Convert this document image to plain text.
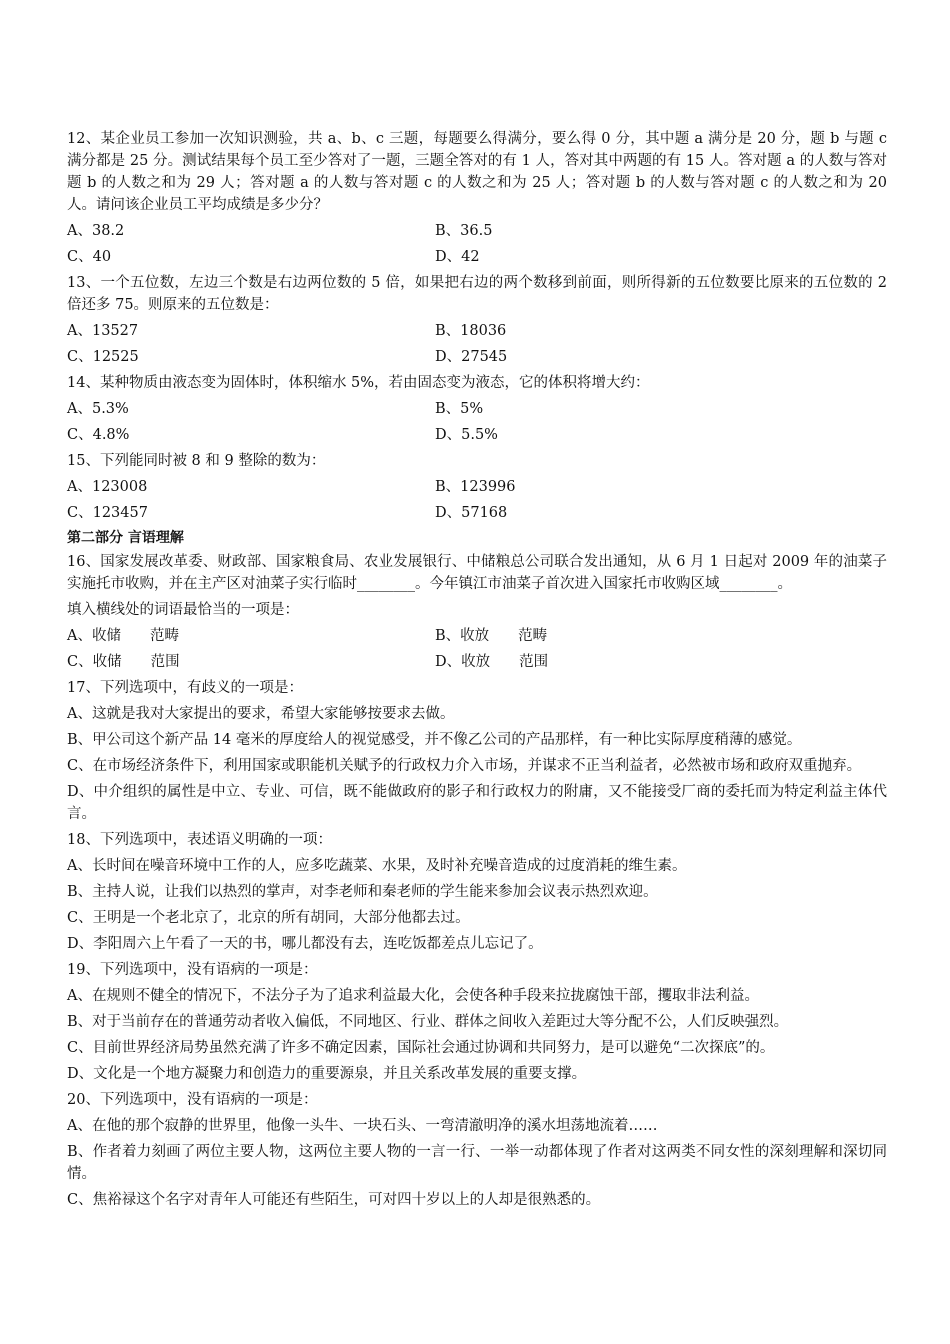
12、某企业员工参加一次知识测验，共 a、b、c 三题，每题要么得满分，要么得 0 分，其中题 a 满分是 20 分，题 b 与题 c 满分都是 25 分。测试结果每个员工至少答对了一题，三题全答对的有 1 人，答对其中两题的有 15 人。答对题 a 的人数与答对题 b 的人数之和为 29 人；答对题 a 的人数与答对题 c 的人数之和为 25 人；答对题 b 的人数与答对题 c 的人数之和为 20 人。请问该企业员工平均成绩是多少分？

A、38.2	B、36.5
C、40	D、42

13、一个五位数，左边三个数是右边两位数的 5 倍，如果把右边的两个数移到前面，则所得新的五位数要比原来的五位数的 2 倍还多 75。则原来的五位数是：

A、13527	B、18036
C、12525	D、27545

14、某种物质由液态变为固体时，体积缩水 5%，若由固态变为液态，它的体积将增大约：

A、5.3%	B、5%
C、4.8%	D、5.5%

15、下列能同时被 8 和 9 整除的数为：

A、123008	B、123996
C、123457	D、57168
第二部分 言语理解

16、国家发展改革委、财政部、国家粮食局、农业发展银行、中储粮总公司联合发出通知，从 6 月 1 日起对 2009 年的油菜子实施托市收购，并在主产区对油菜子实行临时________。今年镇江市油菜子首次进入国家托市收购区域________。

填入横线处的词语最恰当的一项是：

A、收储　　范畴	B、收放　　范畴
C、收储　　范围	D、收放　　范围

17、下列选项中，有歧义的一项是：

A、这就是我对大家提出的要求，希望大家能够按要求去做。

B、甲公司这个新产品 14 毫米的厚度给人的视觉感受，并不像乙公司的产品那样，有一种比实际厚度稍薄的感觉。

C、在市场经济条件下，利用国家或职能机关赋予的行政权力介入市场，并谋求不正当利益者，必然被市场和政府双重抛弃。

D、中介组织的属性是中立、专业、可信，既不能做政府的影子和行政权力的附庸，又不能接受厂商的委托而为特定利益主体代言。

18、下列选项中，表述语义明确的一项：

A、长时间在噪音环境中工作的人，应多吃蔬菜、水果，及时补充噪音造成的过度消耗的维生素。

B、主持人说，让我们以热烈的掌声，对李老师和秦老师的学生能来参加会议表示热烈欢迎。

C、王明是一个老北京了，北京的所有胡同，大部分他都去过。

D、李阳周六上午看了一天的书，哪儿都没有去，连吃饭都差点儿忘记了。

19、下列选项中，没有语病的一项是：

A、在规则不健全的情况下，不法分子为了追求利益最大化，会使各种手段来拉拢腐蚀干部，攫取非法利益。

B、对于当前存在的普通劳动者收入偏低，不同地区、行业、群体之间收入差距过大等分配不公，人们反映强烈。

C、目前世界经济局势虽然充满了许多不确定因素，国际社会通过协调和共同努力，是可以避免“二次探底”的。

D、文化是一个地方凝聚力和创造力的重要源泉，并且关系改革发展的重要支撑。

20、下列选项中，没有语病的一项是：

A、在他的那个寂静的世界里，他像一头牛、一块石头、一弯清澈明净的溪水坦荡地流着……

B、作者着力刻画了两位主要人物，这两位主要人物的一言一行、一举一动都体现了作者对这两类不同女性的深刻理解和深切同情。

C、焦裕禄这个名字对青年人可能还有些陌生，可对四十岁以上的人却是很熟悉的。
